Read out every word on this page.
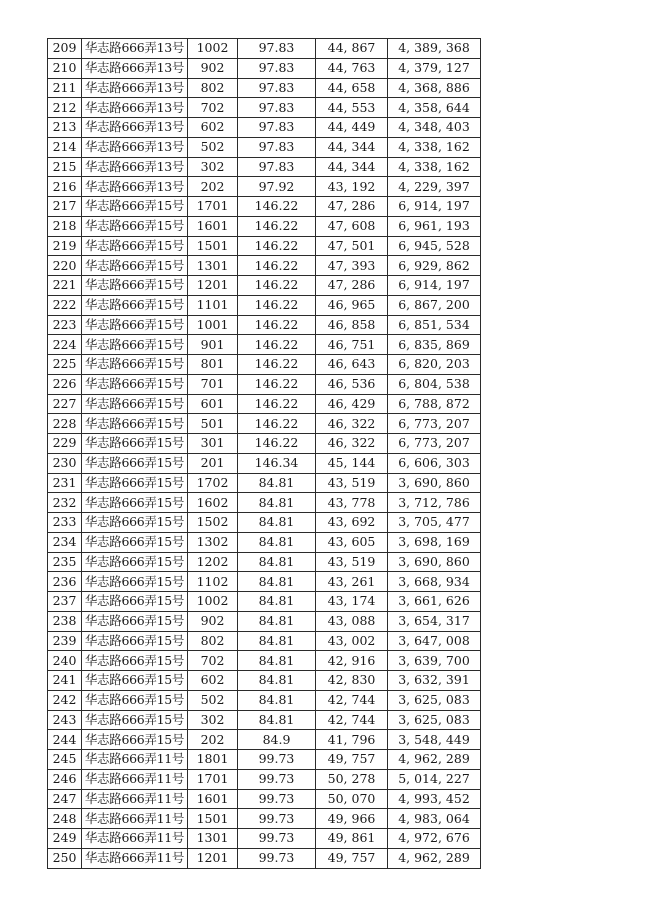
209	华志路666弄13号	1002	97.83	44, 867	4, 389, 368
210	华志路666弄13号	902	97.83	44, 763	4, 379, 127
211	华志路666弄13号	802	97.83	44, 658	4, 368, 886
212	华志路666弄13号	702	97.83	44, 553	4, 358, 644
213	华志路666弄13号	602	97.83	44, 449	4, 348, 403
214	华志路666弄13号	502	97.83	44, 344	4, 338, 162
215	华志路666弄13号	302	97.83	44, 344	4, 338, 162
216	华志路666弄13号	202	97.92	43, 192	4, 229, 397
217	华志路666弄15号	1701	146.22	47, 286	6, 914, 197
218	华志路666弄15号	1601	146.22	47, 608	6, 961, 193
219	华志路666弄15号	1501	146.22	47, 501	6, 945, 528
220	华志路666弄15号	1301	146.22	47, 393	6, 929, 862
221	华志路666弄15号	1201	146.22	47, 286	6, 914, 197
222	华志路666弄15号	1101	146.22	46, 965	6, 867, 200
223	华志路666弄15号	1001	146.22	46, 858	6, 851, 534
224	华志路666弄15号	901	146.22	46, 751	6, 835, 869
225	华志路666弄15号	801	146.22	46, 643	6, 820, 203
226	华志路666弄15号	701	146.22	46, 536	6, 804, 538
227	华志路666弄15号	601	146.22	46, 429	6, 788, 872
228	华志路666弄15号	501	146.22	46, 322	6, 773, 207
229	华志路666弄15号	301	146.22	46, 322	6, 773, 207
230	华志路666弄15号	201	146.34	45, 144	6, 606, 303
231	华志路666弄15号	1702	84.81	43, 519	3, 690, 860
232	华志路666弄15号	1602	84.81	43, 778	3, 712, 786
233	华志路666弄15号	1502	84.81	43, 692	3, 705, 477
234	华志路666弄15号	1302	84.81	43, 605	3, 698, 169
235	华志路666弄15号	1202	84.81	43, 519	3, 690, 860
236	华志路666弄15号	1102	84.81	43, 261	3, 668, 934
237	华志路666弄15号	1002	84.81	43, 174	3, 661, 626
238	华志路666弄15号	902	84.81	43, 088	3, 654, 317
239	华志路666弄15号	802	84.81	43, 002	3, 647, 008
240	华志路666弄15号	702	84.81	42, 916	3, 639, 700
241	华志路666弄15号	602	84.81	42, 830	3, 632, 391
242	华志路666弄15号	502	84.81	42, 744	3, 625, 083
243	华志路666弄15号	302	84.81	42, 744	3, 625, 083
244	华志路666弄15号	202	84.9	41, 796	3, 548, 449
245	华志路666弄11号	1801	99.73	49, 757	4, 962, 289
246	华志路666弄11号	1701	99.73	50, 278	5, 014, 227
247	华志路666弄11号	1601	99.73	50, 070	4, 993, 452
248	华志路666弄11号	1501	99.73	49, 966	4, 983, 064
249	华志路666弄11号	1301	99.73	49, 861	4, 972, 676
250	华志路666弄11号	1201	99.73	49, 757	4, 962, 289
